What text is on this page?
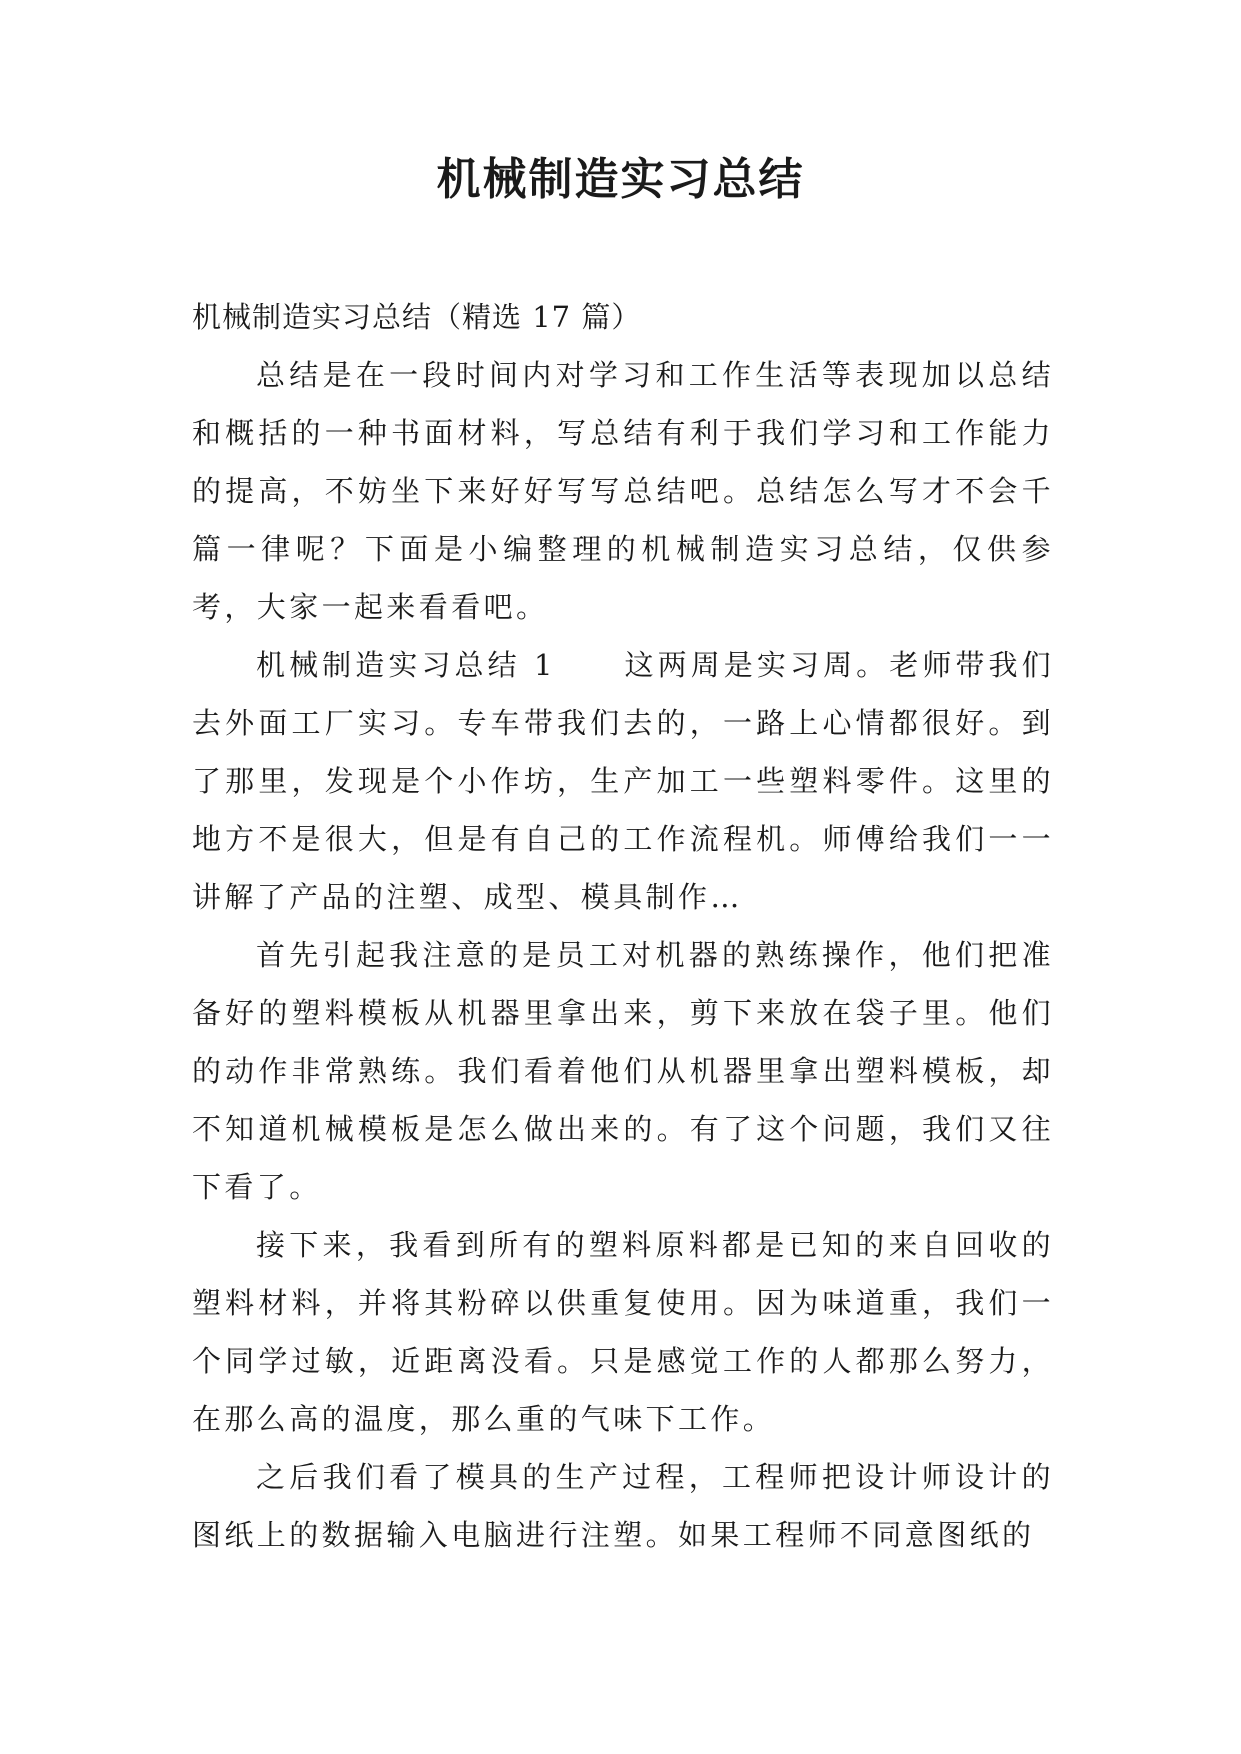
机械制造实习总结

机械制造实习总结（精选 17 篇）

总结是在一段时间内对学习和工作生活等表现加以总结和概括的一种书面材料，写总结有利于我们学习和工作能力的提高，不妨坐下来好好写写总结吧。总结怎么写才不会千篇一律呢？下面是小编整理的机械制造实习总结，仅供参考，大家一起来看看吧。

机械制造实习总结 1 这两周是实习周。老师带我们去外面工厂实习。专车带我们去的，一路上心情都很好。到了那里，发现是个小作坊，生产加工一些塑料零件。这里的地方不是很大，但是有自己的工作流程机。师傅给我们一一讲解了产品的注塑、成型、模具制作…

首先引起我注意的是员工对机器的熟练操作，他们把准备好的塑料模板从机器里拿出来，剪下来放在袋子里。他们的动作非常熟练。我们看着他们从机器里拿出塑料模板，却不知道机械模板是怎么做出来的。有了这个问题，我们又往下看了。

接下来，我看到所有的塑料原料都是已知的来自回收的塑料材料，并将其粉碎以供重复使用。因为味道重，我们一个同学过敏，近距离没看。只是感觉工作的人都那么努力，在那么高的温度，那么重的气味下工作。

之后我们看了模具的生产过程，工程师把设计师设计的图纸上的数据输入电脑进行注塑。如果工程师不同意图纸的
